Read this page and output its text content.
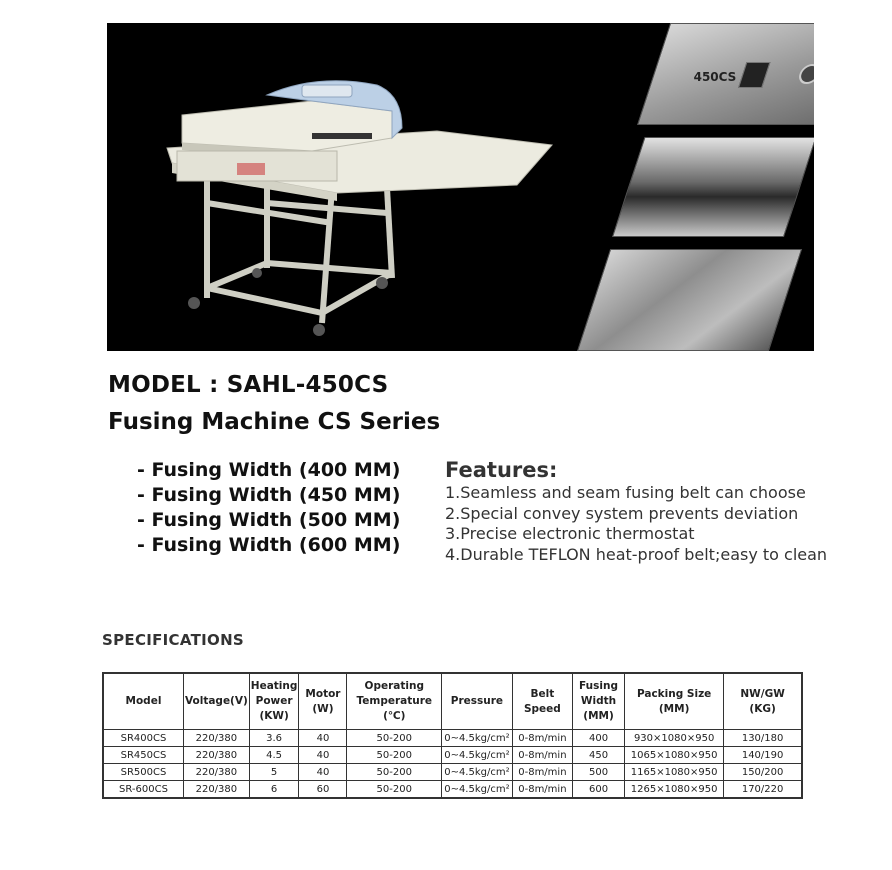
450CS
MODEL : SAHL-450CS
Fusing Machine CS Series
- Fusing Width (400 MM)
- Fusing Width (450 MM)
- Fusing Width (500 MM)
- Fusing Width (600 MM)
Features:
1.Seamless and seam fusing belt can choose
2.Special convey system prevents deviation
3.Precise electronic thermostat
4.Durable TEFLON heat-proof belt;easy to clean
SPECIFICATIONS
Model	Voltage(V)	Heating
Power
(KW)	Motor
(W)	Operating
Temperature
(℃)	Pressure	Belt Speed	Fusing
Width
(MM)	Packing Size
(MM)	NW/GW
(KG)
SR400CS	220/380	3.6	40	50-200	0~4.5kg/cm²	0-8m/min	400	930×1080×950	130/180
SR450CS	220/380	4.5	40	50-200	0~4.5kg/cm²	0-8m/min	450	1065×1080×950	140/190
SR500CS	220/380	5	40	50-200	0~4.5kg/cm²	0-8m/min	500	1165×1080×950	150/200
SR-600CS	220/380	6	60	50-200	0~4.5kg/cm²	0-8m/min	600	1265×1080×950	170/220
